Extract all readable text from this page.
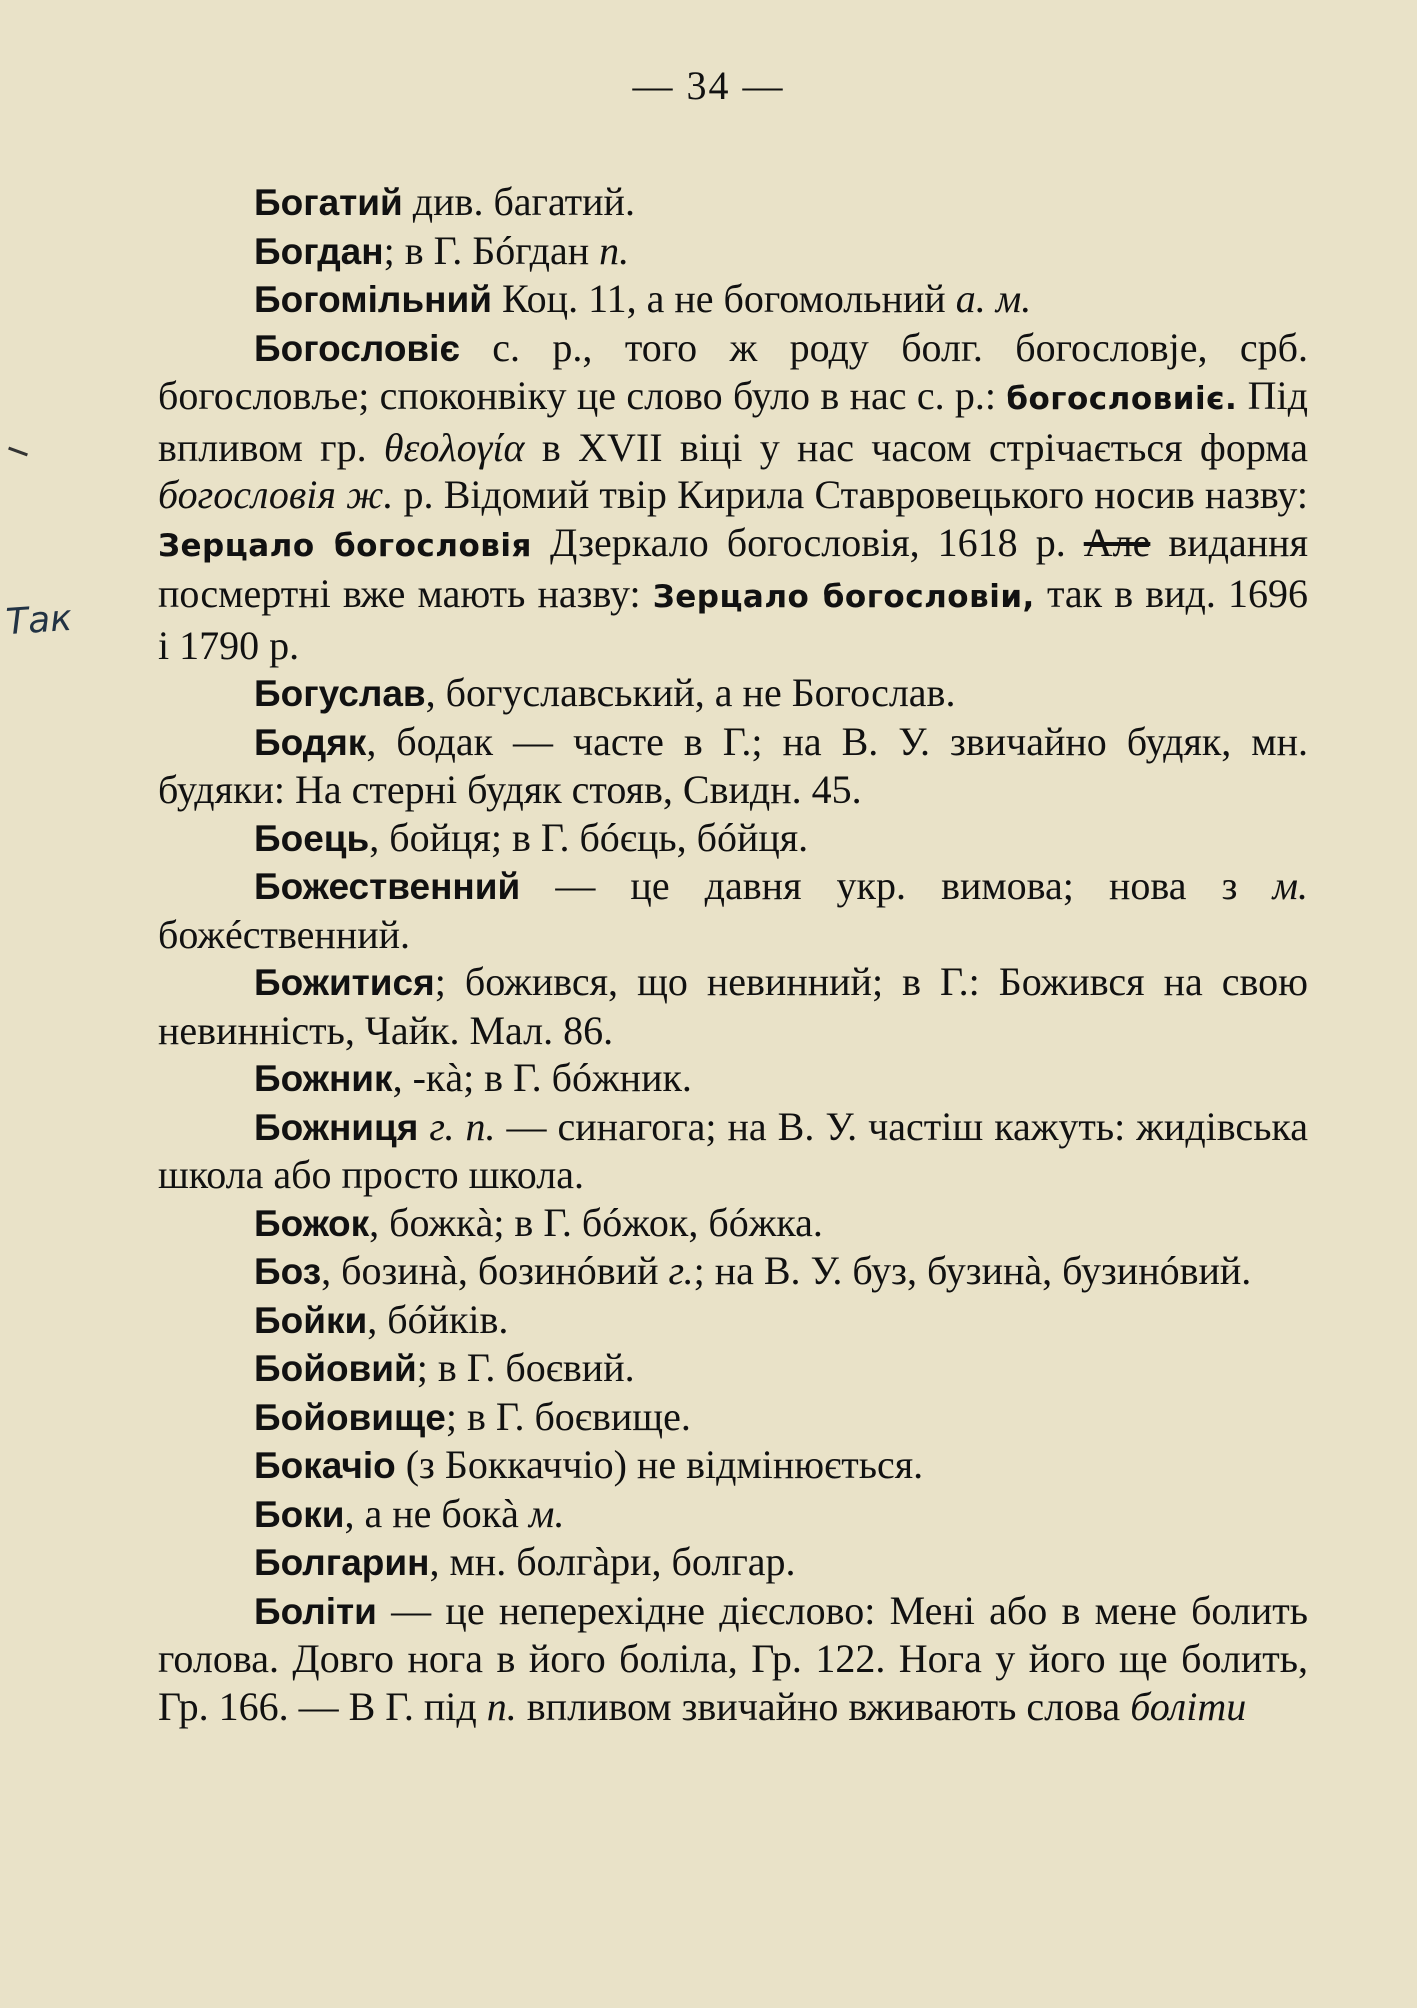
— 34 —
Так

Богатий див. багатий.

Богдан; в Г. Бóгдан п.

Богомільний Коц. 11, а не богомольний а. м.

Богословіє с. р., того ж роду болг. богословје, срб. богословље; споконвіку це слово було в нас с. р.: богословиіє. Під впливом гр. θεολογία в XVII віці у нас часом стрічається форма богословія ж. р. Відомий твір Кирила Ставровецького носив назву: Зерцало богословія Дзеркало богословія, 1618 р. Але видання посмертні вже мають назву: Зерцало богословіи, так в вид. 1696 і 1790 р.

Богуслав, богуславський, а не Богослав.

Бодяк, бодак — часте в Г.; на В. У. звичайно будяк, мн. будяки: На стерні будяк стояв, Свидн. 45.

Боець, бойця; в Г. бóєць, бóйця.

Божественний — це давня укр. вимова; нова з м. божéственний.

Божитися; божився, що невинний; в Г.: Божився на свою невинність, Чайк. Мал. 86.

Божник, -кà; в Г. бóжник.

Божниця г. п. — синагога; на В. У. частіш кажуть: жидівська школа або просто школа.

Божок, божкà; в Г. бóжок, бóжка.

Боз, бозинà, бозинóвий г.; на В. У. буз, бузинà, бузинóвий.

Бойки, бóйків.

Бойовий; в Г. боєвий.

Бойовище; в Г. боєвище.

Бокачіо (з Боккаччіо) не відмінюється.

Боки, а не бокà м.

Болгарин, мн. болгàри, болгар.

Боліти — це неперехідне дієслово: Мені або в мене болить голова. Довго нога в його боліла, Гр. 122. Нога у його ще болить, Гр. 166. — В Г. під п. впливом звичайно вживають слова боліти
